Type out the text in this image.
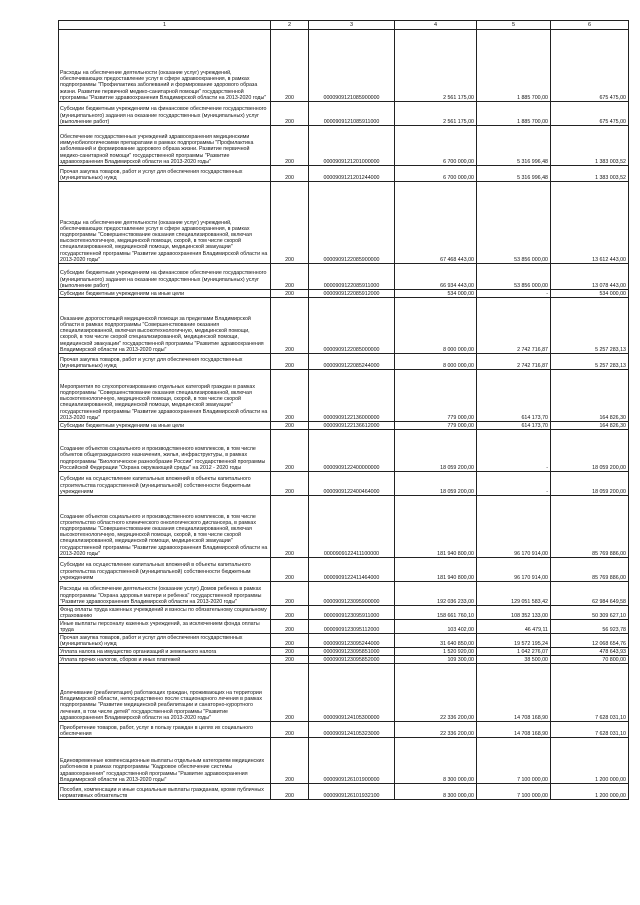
1	2	3	4	5	6
Расходы на обеспечение деятельности (оказание услуг) учреждений, обеспечивающих предоставление услуг в сфере здравоохранения, в рамках подпрограммы "Профилактика заболеваний и формирование здорового образа жизни. Развитие первичной медико-санитарной помощи" государственной программы "Развитие здравоохранения Владимирской области на 2013-2020 годы"	200	0000909121085900000	2 561 175,00	1 885 700,00	675 475,00
Субсидии бюджетным учреждениям на финансовое обеспечение государственного (муниципального) задания на оказание государственных (муниципальных) услуг (выполнение работ)	200	0000909121085911000	2 561 175,00	1 885 700,00	675 475,00
Обеспечение государственных учреждений здравоохранения медицинскими иммунобиологическими препаратами в рамках подпрограммы "Профилактика заболеваний и формирование здорового образа жизни. Развитие первичной медико-санитарной помощи" государственной программы "Развитие здравоохранения Владимирской области на 2013-2020 годы"	200	0000909121201000000	6 700 000,00	5 316 996,48	1 383 003,52
Прочая закупка товаров, работ и услуг для обеспечения государственных (муниципальных) нужд	200	0000909121201244000	6 700 000,00	5 316 996,48	1 383 003,52
Расходы на обеспечение деятельности (оказание услуг) учреждений, обеспечивающих предоставление услуг в сфере здравоохранения, в рамках подпрограммы "Совершенствование оказания специализированной, включая высокотехнологичную, медицинской помощи, скорой, в том числе скорой специализированной, медицинской помощи, медицинской эвакуации" государственной программы "Развитие здравоохранения Владимирской области на 2013-2020 годы"	200	0000909122085900000	67 468 443,00	53 856 000,00	13 612 443,00
Субсидии бюджетным учреждениям на финансовое обеспечение государственного (муниципального) задания на оказание государственных (муниципальных) услуг (выполнение работ)	200	0000909122085911000	66 934 443,00	53 856 000,00	13 078 443,00
Субсидии бюджетным учреждениям на иные цели	200	0000909122085912000	534 000,00	-	534 000,00
Оказание дорогостоящей медицинской помощи за пределами Владимирской области в рамках подпрограммы "Совершенствование оказания специализированной, включая высокотехнологичную, медицинской помощи, скорой, в том числе скорой специализированной, медицинской помощи, медицинской эвакуации" государственной программы "Развитие здравоохранения Владимирской области на 2013-2020 годы"	200	0000909122085000000	8 000 000,00	2 742 716,87	5 257 283,13
Прочая закупка товаров, работ и услуг для обеспечения государственных (муниципальных) нужд	200	0000909122085244000	8 000 000,00	2 742 716,87	5 257 283,13
Мероприятия по слухопротезированию отдельных категорий граждан в рамках подпрограммы "Совершенствование оказания специализированной, включая высокотехнологичную, медицинской помощи, скорой, в том числе скорой специализированной, медицинской помощи, медицинской эвакуации" государственной программы "Развитие здравоохранения Владимирской области на 2013-2020 годы"	200	0000909122136000000	779 000,00	614 173,70	164 826,30
Субсидии бюджетным учреждениям на иные цели	200	0000909122136612000	779 000,00	614 173,70	164 826,30
Создание объектов социального и производственного комплексов, в том числе объектов общегражданского назначения, жилья, инфраструктуры, в рамках подпрограммы "Биологическое разнообразие России" государственной программы Российской Федерации "Охрана окружающей среды" на 2012 - 2020 годы	200	0000909122400000000	18 059 200,00	-	18 059 200,00
Субсидии на осуществление капитальных вложений в объекты капитального строительства государственной (муниципальной) собственности бюджетным учреждениям	200	0000909122400464000	18 059 200,00	-	18 059 200,00
Создание объектов социального и производственного комплексов, в том числе строительство областного клинического онкологического диспансера, в рамках подпрограммы "Совершенствование оказания специализированной, включая высокотехнологичную, медицинской помощи, скорой, в том числе скорой специализированной, медицинской помощи, медицинской эвакуации" государственной программы "Развитие здравоохранения Владимирской области на 2013-2020 годы"	200	0000909122411100000	181 940 800,00	96 170 914,00	85 769 886,00
Субсидии на осуществление капитальных вложений в объекты капитального строительства государственной (муниципальной) собственности бюджетным учреждениям	200	0000909122411464000	181 940 800,00	96 170 914,00	85 769 886,00
Расходы на обеспечение деятельности (оказание услуг) Домов ребенка в рамках подпрограммы "Охрана здоровья матери и ребенка" государственной программы "Развитие здравоохранения Владимирской области на 2013-2020 годы"	200	0000909123095900000	192 036 233,00	129 051 583,42	62 984 649,58
Фонд оплаты труда казенных учреждений и взносы по обязательному социальному страхованию	200	0000909123095911000	158 661 760,10	108 352 133,00	50 309 627,10
Иные выплаты персоналу казенных учреждений, за исключением фонда оплаты труда	200	0000909123095112000	103 402,00	46 479,11	56 923,78
Прочая закупка товаров, работ и услуг для обеспечения государственных (муниципальных) нужд	200	0000909123095244000	31 640 850,00	19 572 195,24	12 068 654,76
Уплата налога на имущество организаций и земельного налога	200	0000909123095851000	1 520 920,00	1 042 276,07	478 643,93
Уплата прочих налогов, сборов и иных платежей	200	0000909123095852000	109 300,00	38 500,00	70 800,00
Долечивание (реабилитация) работающих граждан, проживающих на территории Владимирской области, непосредственно после стационарного лечения в рамках подпрограммы "Развитие медицинской реабилитации и санаторно-курортного лечения, в том числе детей" государственной программы "Развитие здравоохранения Владимирской области на 2013-2020 годы"	200	0000909124105300000	22 336 200,00	14 708 168,90	7 628 031,10
Приобретение товаров, работ, услуг в пользу граждан в целях их социального обеспечения	200	0000909124105323000	22 336 200,00	14 708 168,90	7 628 031,10
Единовременные компенсационные выплаты отдельным категориям медицинских работников в рамках подпрограммы "Кадровое обеспечение системы здравоохранения" государственной программы "Развитие здравоохранения Владимирской области на 2013-2020 годы"	200	0000909126101900000	8 300 000,00	7 100 000,00	1 200 000,00
Пособия, компенсации и иные социальные выплаты гражданам, кроме публичных нормативных обязательств	200	0000909126101932100	8 300 000,00	7 100 000,00	1 200 000,00
